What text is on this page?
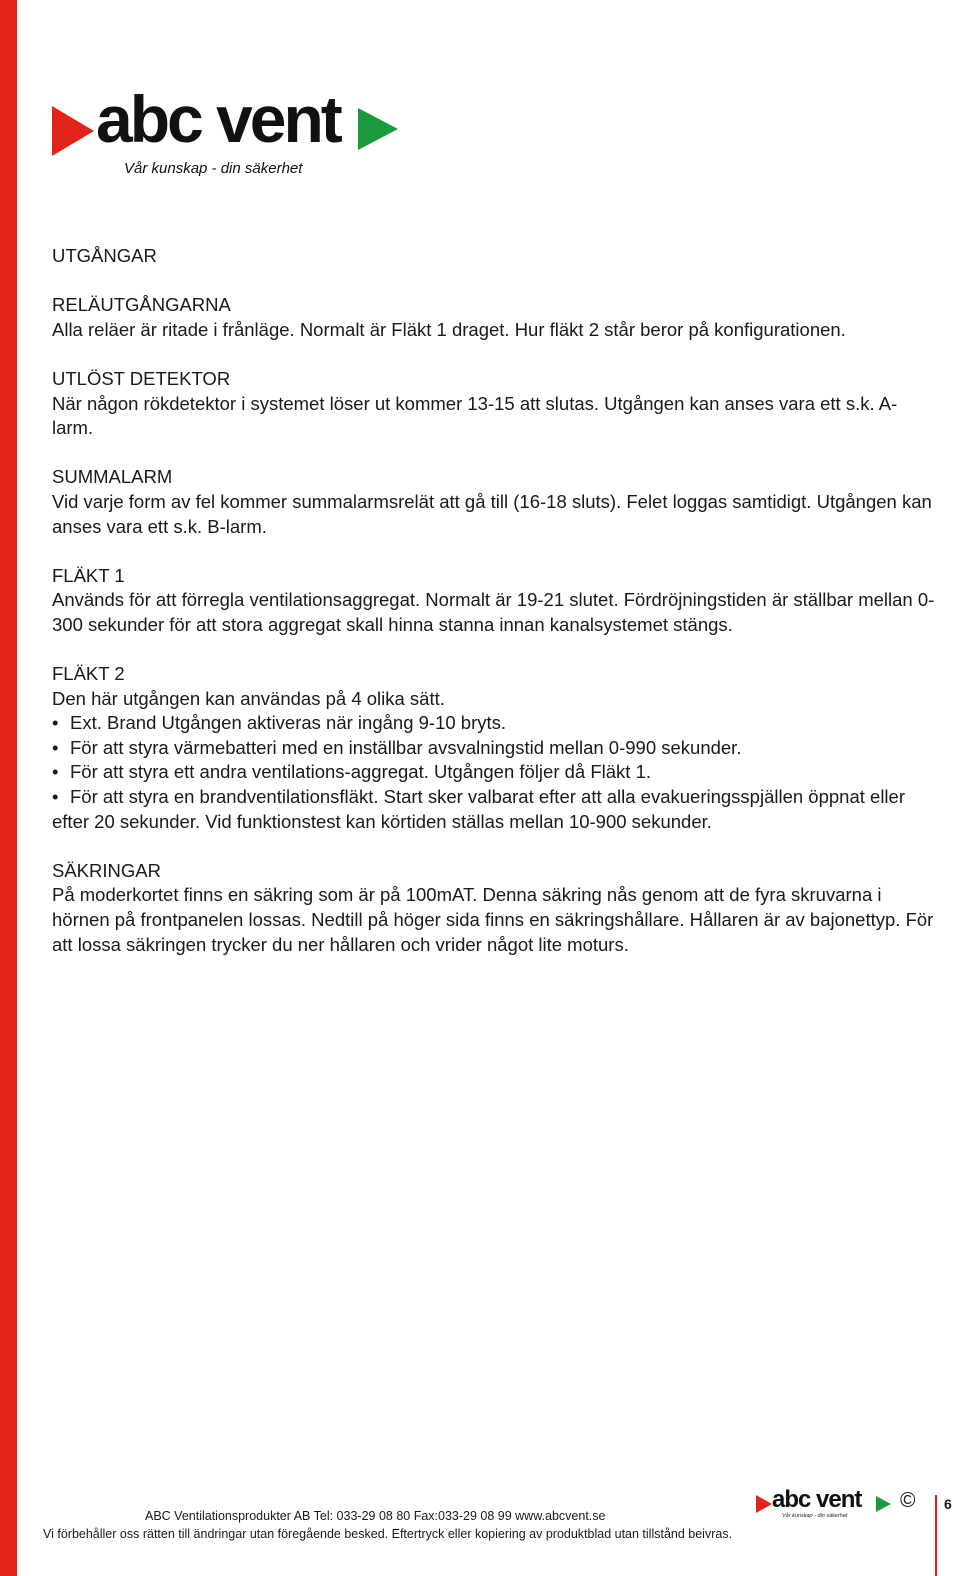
abc vent
Vår kunskap - din säkerhet
UTGÅNGAR
RELÄUTGÅNGARNA
Alla reläer är ritade i frånläge. Normalt är Fläkt 1 draget. Hur fläkt 2 står beror på konfigurationen.
UTLÖST DETEKTOR
När någon rökdetektor i systemet löser ut kommer 13-15 att slutas. Utgången kan anses vara ett s.k. A-larm.
SUMMALARM
Vid varje form av fel kommer summalarmsrelät att gå till (16-18 sluts). Felet loggas samtidigt. Utgången kan anses vara ett s.k. B-larm.
FLÄKT 1
Används för att förregla ventilationsaggregat. Normalt är 19-21 slutet. Fördröjningstiden är ställbar mellan 0-300 sekunder för att stora aggregat skall hinna stanna innan kanalsystemet stängs.
FLÄKT 2
Den här utgången kan användas på 4 olika sätt.
• Ext. Brand Utgången aktiveras när ingång 9-10 bryts.
• För att styra värmebatteri med en inställbar avsvalningstid mellan 0-990 sekunder.
• För att styra ett andra ventilations-aggregat. Utgången följer då Fläkt 1.
• För att styra en brandventilationsfläkt. Start sker valbarat efter att alla evakueringsspjällen öppnat eller efter 20 sekunder. Vid funktionstest kan körtiden ställas mellan 10-900 sekunder.
SÄKRINGAR
På moderkortet finns en säkring som är på 100mAT. Denna säkring nås genom att de fyra skruvarna i hörnen på frontpanelen lossas. Nedtill på höger sida finns en säkringshållare. Hållaren är av bajonettyp. För att lossa säkringen trycker du ner hållaren och vrider något lite moturs.
ABC Ventilationsprodukter AB Tel: 033-29 08 80 Fax:033-29 08 99 www.abcvent.se
Vi förbehåller oss rätten till ändringar utan föregående besked. Eftertryck eller kopiering av produktblad utan tillstånd beivras.
abc vent
Vår kunskap - din säkerhet
© 6
